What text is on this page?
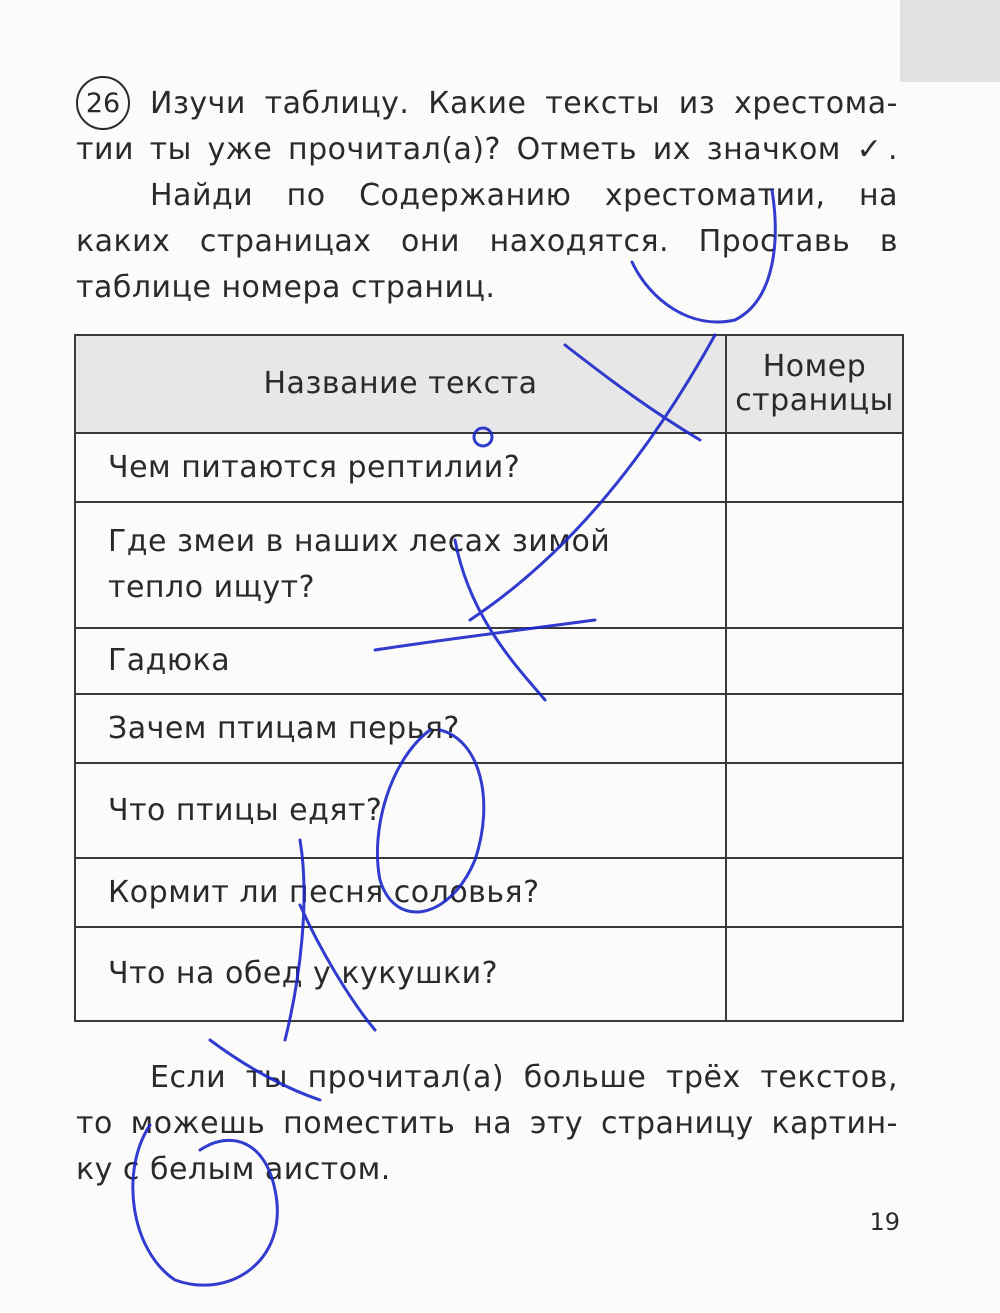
26 Изучи таблицу. Какие тексты из хрестома-
тии ты уже прочитал(а)? Отметь их значком ✓.
Найди по Содержанию хрестоматии, на
каких страницах они находятся. Проставь в
таблице номера страниц.
Название текста	Номер страницы
Чем питаются рептилии?	
Где змеи в наших лесах зимой тепло ищут?	
Гадюка	
Зачем птицам перья?	
Что птицы едят?	
Кормит ли песня соловья?	
Что на обед у кукушки?	
Если ты прочитал(а) больше трёх текстов,
то можешь поместить на эту страницу картин-
ку с белым аистом.
19
